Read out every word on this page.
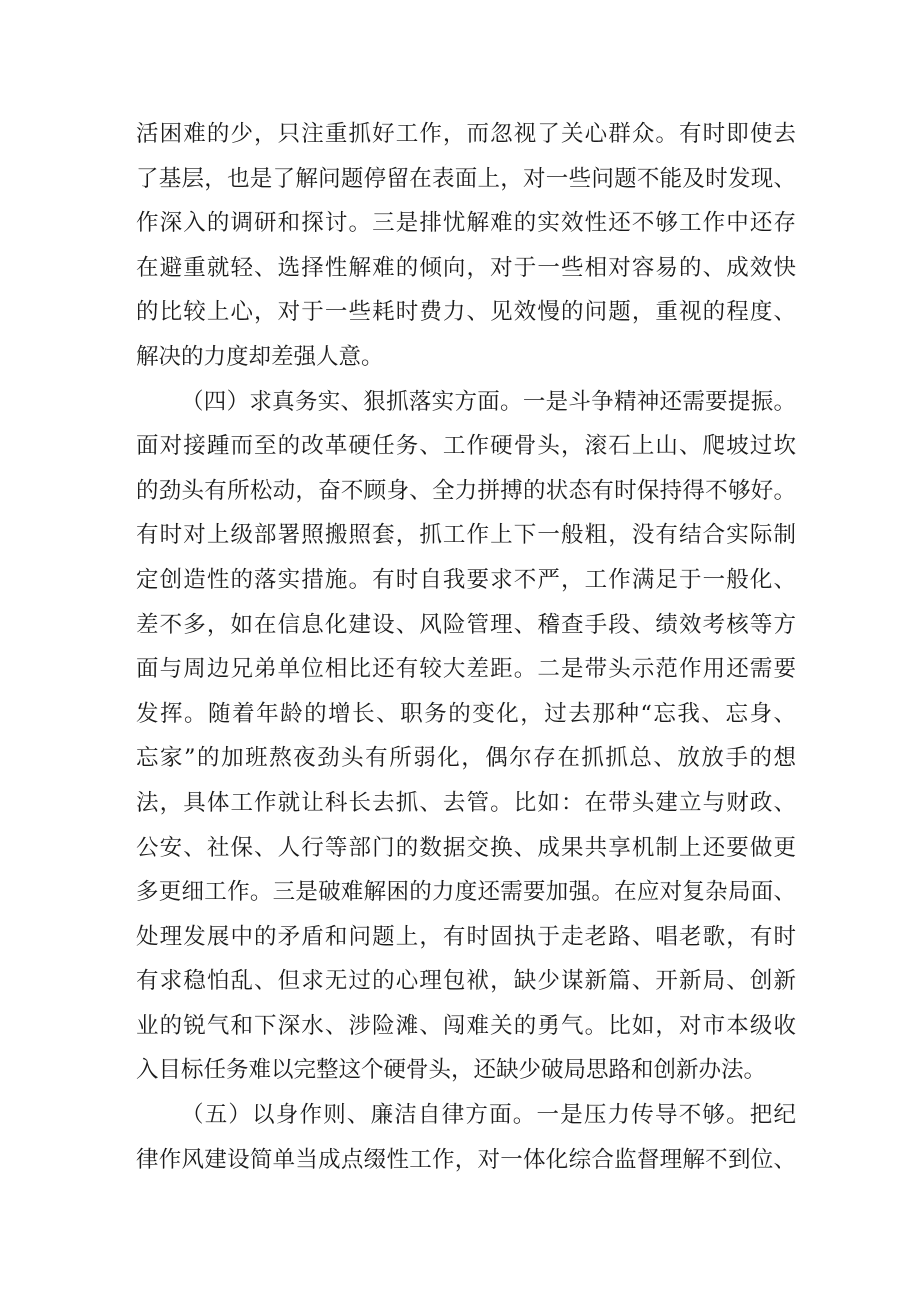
活困难的少，只注重抓好工作，而忽视了关心群众。有时即使去
了基层，也是了解问题停留在表面上，对一些问题不能及时发现、
作深入的调研和探讨。三是排忧解难的实效性还不够工作中还存
在避重就轻、选择性解难的倾向，对于一些相对容易的、成效快
的比较上心，对于一些耗时费力、见效慢的问题，重视的程度、
解决的力度却差强人意。
（四）求真务实、狠抓落实方面。一是斗争精神还需要提振。
面对接踵而至的改革硬任务、工作硬骨头，滚石上山、爬坡过坎
的劲头有所松动，奋不顾身、全力拼搏的状态有时保持得不够好。
有时对上级部署照搬照套，抓工作上下一般粗，没有结合实际制
定创造性的落实措施。有时自我要求不严，工作满足于一般化、
差不多，如在信息化建设、风险管理、稽查手段、绩效考核等方
面与周边兄弟单位相比还有较大差距。二是带头示范作用还需要
发挥。随着年龄的增长、职务的变化，过去那种“忘我、忘身、
忘家”的加班熬夜劲头有所弱化，偶尔存在抓抓总、放放手的想
法，具体工作就让科长去抓、去管。比如：在带头建立与财政、
公安、社保、人行等部门的数据交换、成果共享机制上还要做更
多更细工作。三是破难解困的力度还需要加强。在应对复杂局面、
处理发展中的矛盾和问题上，有时固执于走老路、唱老歌，有时
有求稳怕乱、但求无过的心理包袱，缺少谋新篇、开新局、创新
业的锐气和下深水、涉险滩、闯难关的勇气。比如，对市本级收
入目标任务难以完整这个硬骨头，还缺少破局思路和创新办法。
（五）以身作则、廉洁自律方面。一是压力传导不够。把纪
律作风建设简单当成点缀性工作，对一体化综合监督理解不到位、
